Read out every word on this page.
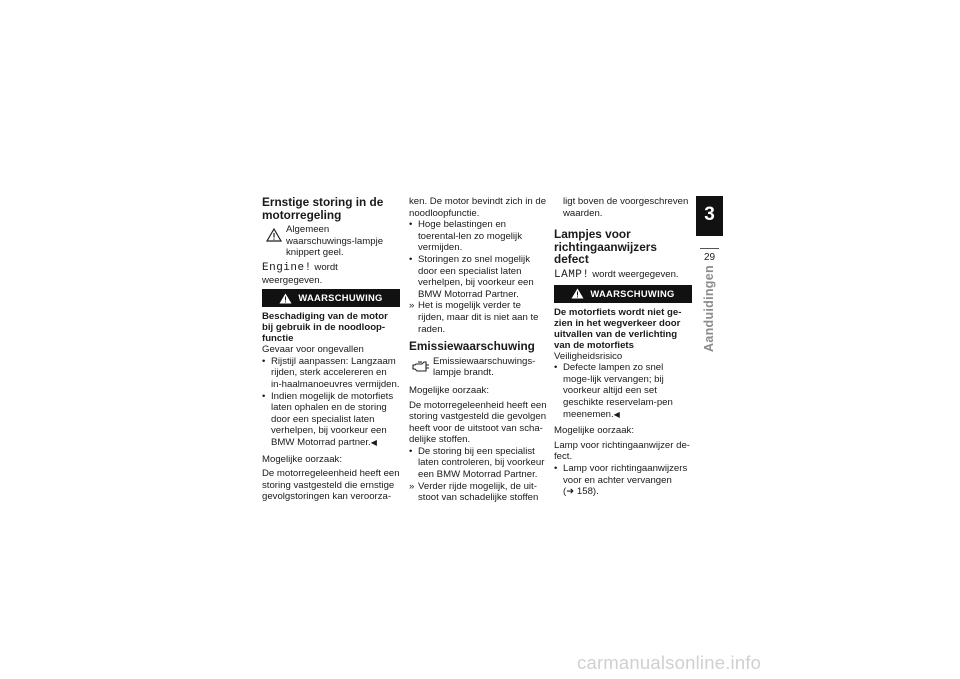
Ernstige storing in de motorregeling
Algemeen waarschuwings-lampje knippert geel.

Engine! wordt weergegeven.

WAARSCHUWING

Beschadiging van de motor bij gebruik in de noodloop-functie

Gevaar voor ongevallen

• Rijstijl aanpassen: Langzaam rijden, sterk accelereren en in-haalmanoeuvres vermijden.
• Indien mogelijk de motorfiets laten ophalen en de storing door een specialist laten verhelpen, bij voorkeur een BMW Motorrad partner.◀

Mogelijke oorzaak:

De motorregeleenheid heeft een storing vastgesteld die ernstige gevolgstoringen kan veroorza-

ken. De motor bevindt zich in de noodloopfunctie.

• Hoge belastingen en toerental-len zo mogelijk vermijden.
• Storingen zo snel mogelijk door een specialist laten verhelpen, bij voorkeur een BMW Motorrad Partner.
» Het is mogelijk verder te rijden, maar dit is niet aan te raden.
Emissiewaarschuwing
Emissiewaarschuwings-lampje brandt.

Mogelijke oorzaak:

De motorregeleenheid heeft een storing vastgesteld die gevolgen heeft voor de uitstoot van scha-delijke stoffen.

• De storing bij een specialist laten controleren, bij voorkeur een BMW Motorrad Partner.
» Verder rijde mogelijk, de uit-stoot van schadelijke stoffen

ligt boven de voorgeschreven waarden.

Lampjes voor richtingaanwijzers defect

LAMP! wordt weergegeven.

WAARSCHUWING

De motorfiets wordt niet ge-zien in het wegverkeer door uitvallen van de verlichting van de motorfiets

Veiligheidsrisico

• Defecte lampen zo snel moge-lijk vervangen; bij voorkeur altijd een set geschikte reservelam-pen meenemen.◀

Mogelijke oorzaak:

Lamp voor richtingaanwijzer de-fect.

• Lamp voor richtingaanwijzers voor en achter vervangen
(➜ 158).
3
29
Aanduidingen
carmanualsonline.info
